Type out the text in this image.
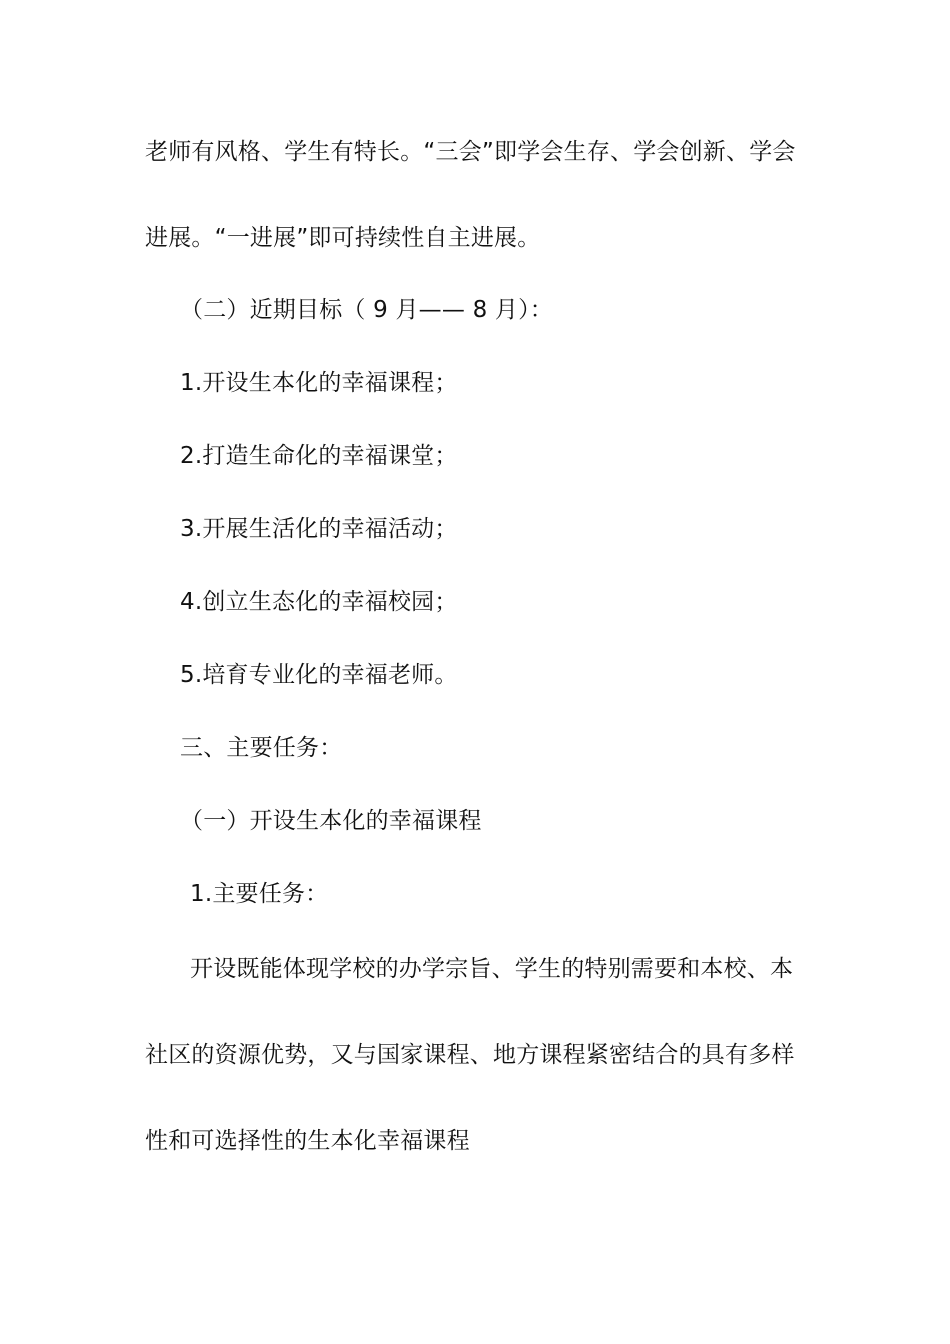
老师有风格、学生有特长。“三会”即学会生存、学会创新、学会
进展。“一进展”即可持续性自主进展。
（二）近期目标（ 9 月—— 8 月）：
1.开设生本化的幸福课程；
2.打造生命化的幸福课堂；
3.开展生活化的幸福活动；
4.创立生态化的幸福校园；
5.培育专业化的幸福老师。
三、主要任务：
（一）开设生本化的幸福课程
1.主要任务：
开设既能体现学校的办学宗旨、学生的特别需要和本校、本
社区的资源优势，又与国家课程、地方课程紧密结合的具有多样
性和可选择性的生本化幸福课程
